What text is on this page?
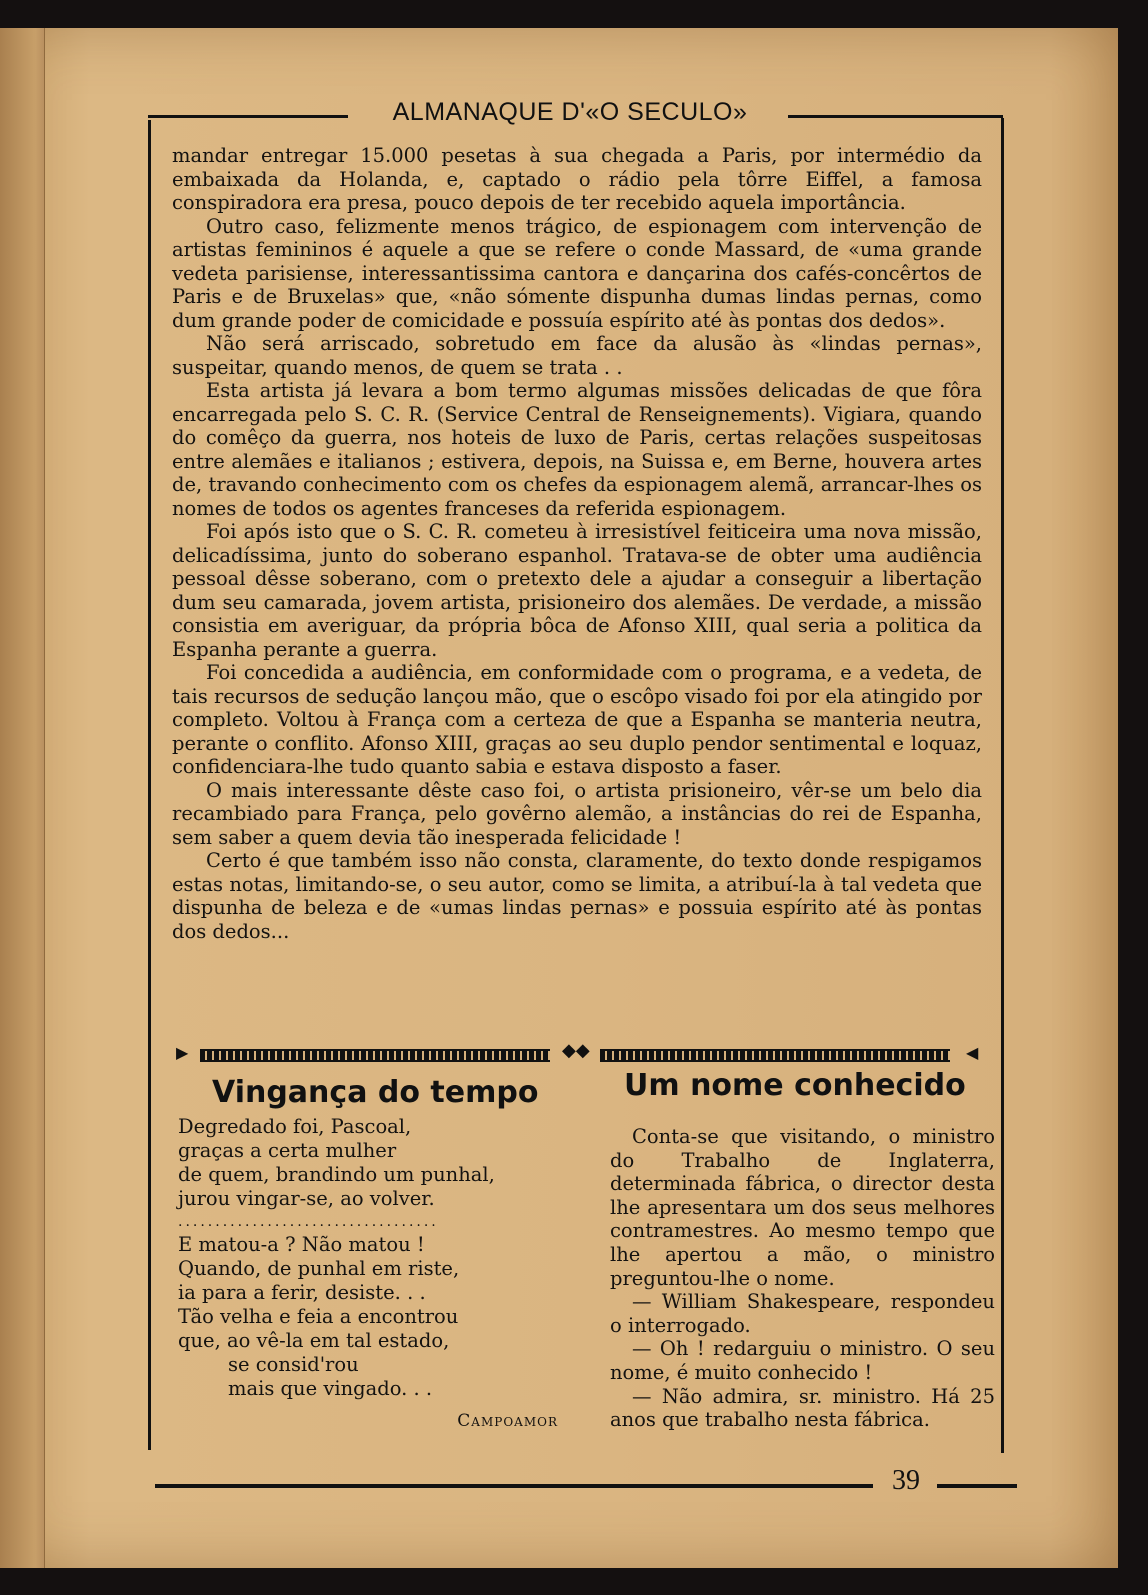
ALMANAQUE D'«O SECULO»

mandar entregar 15.000 pesetas à sua chegada a Paris, por intermédio da embaixada da Holanda, e, captado o rádio pela tôrre Eiffel, a famosa conspiradora era presa, pouco depois de ter recebido aquela importância.

Outro caso, felizmente menos trágico, de espionagem com intervenção de artistas femininos é aquele a que se refere o conde Massard, de «uma grande vedeta parisiense, interessantissima cantora e dançarina dos cafés-concêrtos de Paris e de Bruxelas» que, «não sómente dispunha dumas lindas pernas, como dum grande poder de comicidade e possuía espírito até às pontas dos dedos».

Não será arriscado, sobretudo em face da alusão às «lindas pernas», suspeitar, quando menos, de quem se trata . .

Esta artista já levara a bom termo algumas missões delicadas de que fôra encarregada pelo S. C. R. (Service Central de Renseignements). Vigiara, quando do comêço da guerra, nos hoteis de luxo de Paris, certas relações suspeitosas entre alemães e italianos ; estivera, depois, na Suissa e, em Berne, houvera artes de, travando conhecimento com os chefes da espionagem alemã, arrancar-lhes os nomes de todos os agentes franceses da referida espionagem.

Foi após isto que o S. C. R. cometeu à irresistível feiticeira uma nova missão, delicadíssima, junto do soberano espanhol. Tratava-se de obter uma audiência pessoal dêsse soberano, com o pretexto dele a ajudar a conseguir a libertação dum seu camarada, jovem artista, prisioneiro dos alemães. De verdade, a missão consistia em averiguar, da própria bôca de Afonso XIII, qual seria a politica da Espanha perante a guerra.

Foi concedida a audiência, em conformidade com o programa, e a vedeta, de tais recursos de sedução lançou mão, que o escôpo visado foi por ela atingido por completo. Voltou à França com a certeza de que a Espanha se manteria neutra, perante o conflito. Afonso XIII, graças ao seu duplo pendor sentimental e loquaz, confidenciara-lhe tudo quanto sabia e estava disposto a faser.

O mais interessante dêste caso foi, o artista prisioneiro, vêr-se um belo dia recambiado para França, pelo govêrno alemão, a instâncias do rei de Espanha, sem saber a quem devia tão inesperada felicidade !

Certo é que também isso não consta, claramente, do texto donde respigamos estas notas, limitando-se, o seu autor, como se limita, a atribuí-la à tal vedeta que dispunha de beleza e de «umas lindas pernas» e possuia espírito até às pontas dos dedos...

▶	◆◆	◀
Vingança do tempo	Um nome conhecido
Degredado foi, Pascoal,
graças a certa mulher
de quem, brandindo um punhal,
jurou vingar-se, ao volver.
...................................
E matou-a ? Não matou !
Quando, de punhal em riste,
ia para a ferir, desiste. . .
Tão velha e feia a encontrou
que, ao vê-la em tal estado,
se consid'rou
mais que vingado. . .
Campoamor

Conta-se que visitando, o ministro do Trabalho de Inglaterra, determinada fábrica, o director desta lhe apresentara um dos seus melhores contramestres. Ao mesmo tempo que lhe apertou a mão, o ministro preguntou-lhe o nome.

— William Shakespeare, respondeu o interrogado.

— Oh ! redarguiu o ministro. O seu nome, é muito conhecido !

— Não admira, sr. ministro. Há 25 anos que trabalho nesta fábrica.

39
